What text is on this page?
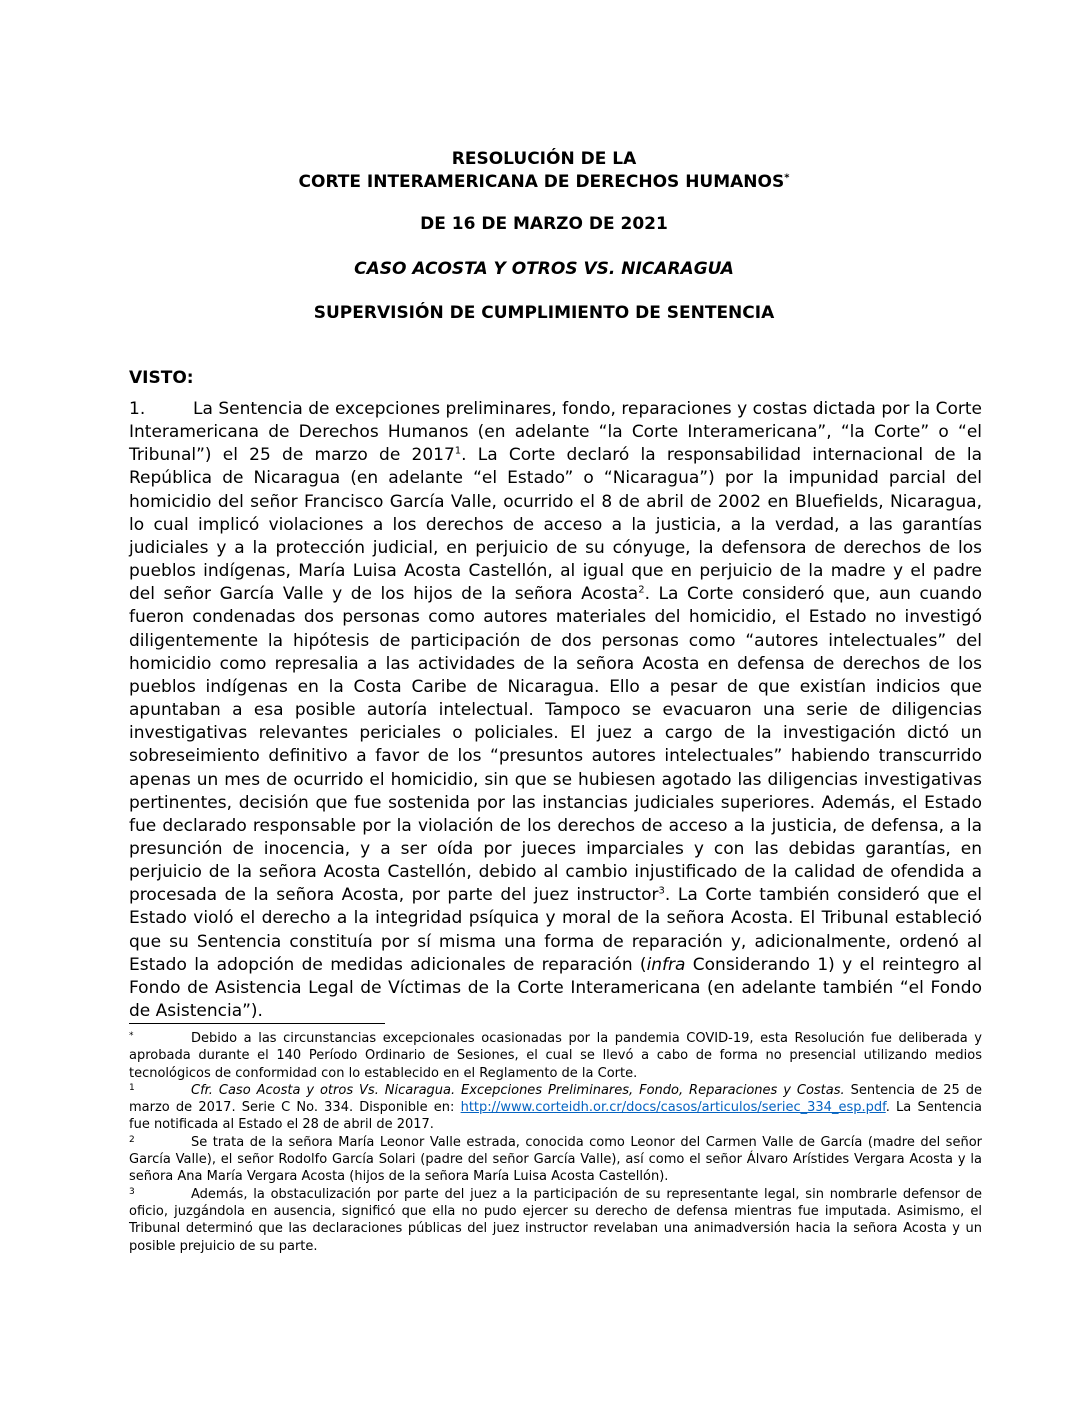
RESOLUCIÓN DE LA
CORTE INTERAMERICANA DE DERECHOS HUMANOS*
DE 16 DE MARZO DE 2021
CASO ACOSTA Y OTROS VS. NICARAGUA
SUPERVISIÓN DE CUMPLIMIENTO DE SENTENCIA
VISTO:
1.	La Sentencia de excepciones preliminares, fondo, reparaciones y costas dictada por la Corte Interamericana de Derechos Humanos (en adelante “la Corte Interamericana”, “la Corte” o “el Tribunal”) el 25 de marzo de 2017$^1$. La Corte declaró la responsabilidad internacional de la República de Nicaragua (en adelante “el Estado” o “Nicaragua”) por la impunidad parcial del homicidio del señor Francisco García Valle, ocurrido el 8 de abril de 2002 en Bluefields, Nicaragua, lo cual implicó violaciones a los derechos de acceso a la justicia, a la verdad, a las garantías judiciales y a la protección judicial, en perjuicio de su cónyuge, la defensora de derechos de los pueblos indígenas, María Luisa Acosta Castellón, al igual que en perjuicio de la madre y el padre del señor García Valle y de los hijos de la señora Acosta$^2$. La Corte consideró que, aun cuando fueron condenadas dos personas como autores materiales del homicidio, el Estado no investigó diligentemente la hipótesis de participación de dos personas como “autores intelectuales” del homicidio como represalia a las actividades de la señora Acosta en defensa de derechos de los pueblos indígenas en la Costa Caribe de Nicaragua. Ello a pesar de que existían indicios que apuntaban a esa posible autoría intelectual. Tampoco se evacuaron una serie de diligencias investigativas relevantes periciales o policiales. El juez a cargo de la investigación dictó un sobreseimiento definitivo a favor de los “presuntos autores intelectuales” habiendo transcurrido apenas un mes de ocurrido el homicidio, sin que se hubiesen agotado las diligencias investigativas pertinentes, decisión que fue sostenida por las instancias judiciales superiores. Además, el Estado fue declarado responsable por la violación de los derechos de acceso a la justicia, de defensa, a la presunción de inocencia, y a ser oída por jueces imparciales y con las debidas garantías, en perjuicio de la señora Acosta Castellón, debido al cambio injustificado de la calidad de ofendida a procesada de la señora Acosta, por parte del juez instructor$^3$. La Corte también consideró que el Estado violó el derecho a la integridad psíquica y moral de la señora Acosta. El Tribunal estableció que su Sentencia constituía por sí misma una forma de reparación y, adicionalmente, ordenó al Estado la adopción de medidas adicionales de reparación (infra Considerando 1) y el reintegro al Fondo de Asistencia Legal de Víctimas de la Corte Interamericana (en adelante también “el Fondo de Asistencia”).
*	Debido a las circunstancias excepcionales ocasionadas por la pandemia COVID-19, esta Resolución fue deliberada y aprobada durante el 140 Período Ordinario de Sesiones, el cual se llevó a cabo de forma no presencial utilizando medios tecnológicos de conformidad con lo establecido en el Reglamento de la Corte.
1	Cfr. Caso Acosta y otros Vs. Nicaragua. Excepciones Preliminares, Fondo, Reparaciones y Costas. Sentencia de 25 de marzo de 2017. Serie C No. 334. Disponible en: http://www.corteidh.or.cr/docs/casos/articulos/seriec_334_esp.pdf. La Sentencia fue notificada al Estado el 28 de abril de 2017.
2	Se trata de la señora María Leonor Valle estrada, conocida como Leonor del Carmen Valle de García (madre del señor García Valle), el señor Rodolfo García Solari (padre del señor García Valle), así como el señor Álvaro Arístides Vergara Acosta y la señora Ana María Vergara Acosta (hijos de la señora María Luisa Acosta Castellón).
3	Además, la obstaculización por parte del juez a la participación de su representante legal, sin nombrarle defensor de oficio, juzgándola en ausencia, significó que ella no pudo ejercer su derecho de defensa mientras fue imputada. Asimismo, el Tribunal determinó que las declaraciones públicas del juez instructor revelaban una animadversión hacia la señora Acosta y un posible prejuicio de su parte.
